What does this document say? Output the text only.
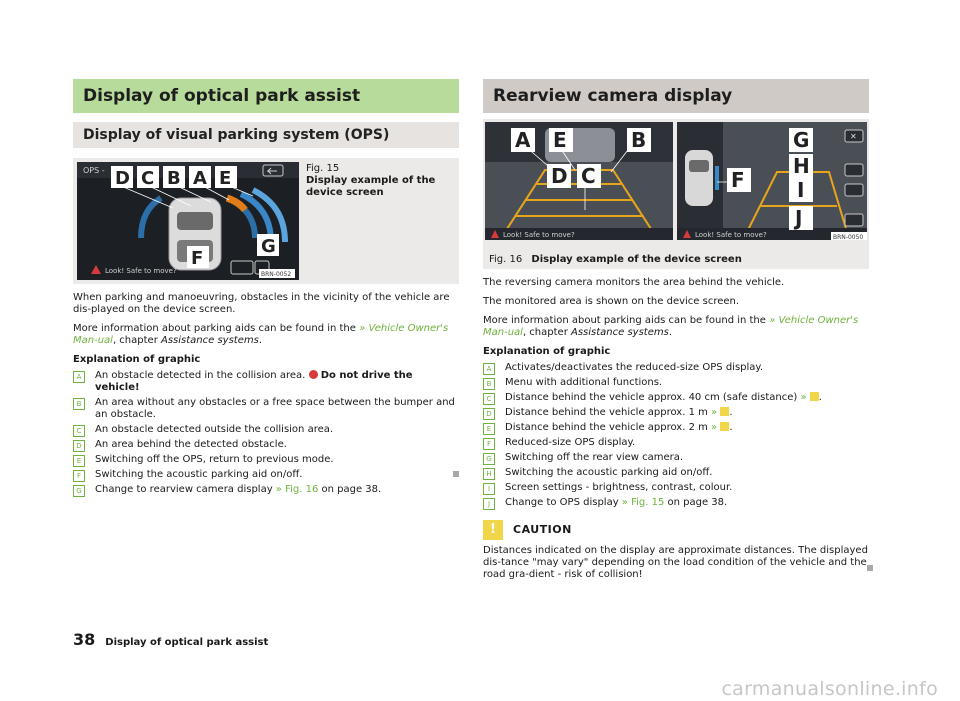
Display of optical park assist
Display of visual parking system (OPS)
OPS -
Look! Safe to move?	BRN-0052
D C B A E
F
G
Fig. 15
Display example of the device screen

When parking and manoeuvring, obstacles in the vicinity of the vehicle are dis-played on the device screen.

More information about parking aids can be found in the » Vehicle Owner's Man-ual, chapter Assistance systems.

Explanation of graphic
A	An obstacle detected in the collision area. Do not drive the vehicle!
B	An area without any obstacles or a free space between the bumper and an obstacle.
C	An obstacle detected outside the collision area.
D	An area behind the detected obstacle.
E	Switching off the OPS, return to previous mode.
F	Switching the acoustic parking aid on/off.
G	Change to rearview camera display » Fig. 16 on page 38.
Rearview camera display
Look! Safe to move?
A E	B
D C
✕
Look! Safe to move?	BRN-0050
F
G
H
I
J
Fig. 16 Display example of the device screen

The reversing camera monitors the area behind the vehicle.

The monitored area is shown on the device screen.

More information about parking aids can be found in the » Vehicle Owner's Man-ual, chapter Assistance systems.

Explanation of graphic
A	Activates/deactivates the reduced-size OPS display.
B	Menu with additional functions.
C	Distance behind the vehicle approx. 40 cm (safe distance) » .
D	Distance behind the vehicle approx. 1 m » .
E	Distance behind the vehicle approx. 2 m » .
F	Reduced-size OPS display.
G	Switching off the rear view camera.
H	Switching the acoustic parking aid on/off.
I	Screen settings - brightness, contrast, colour.
J	Change to OPS display » Fig. 15 on page 38.
!	CAUTION

Distances indicated on the display are approximate distances. The displayed dis-tance "may vary" depending on the load condition of the vehicle and the road gra-dient - risk of collision!

38 Display of optical park assist
carmanualsonline.info
